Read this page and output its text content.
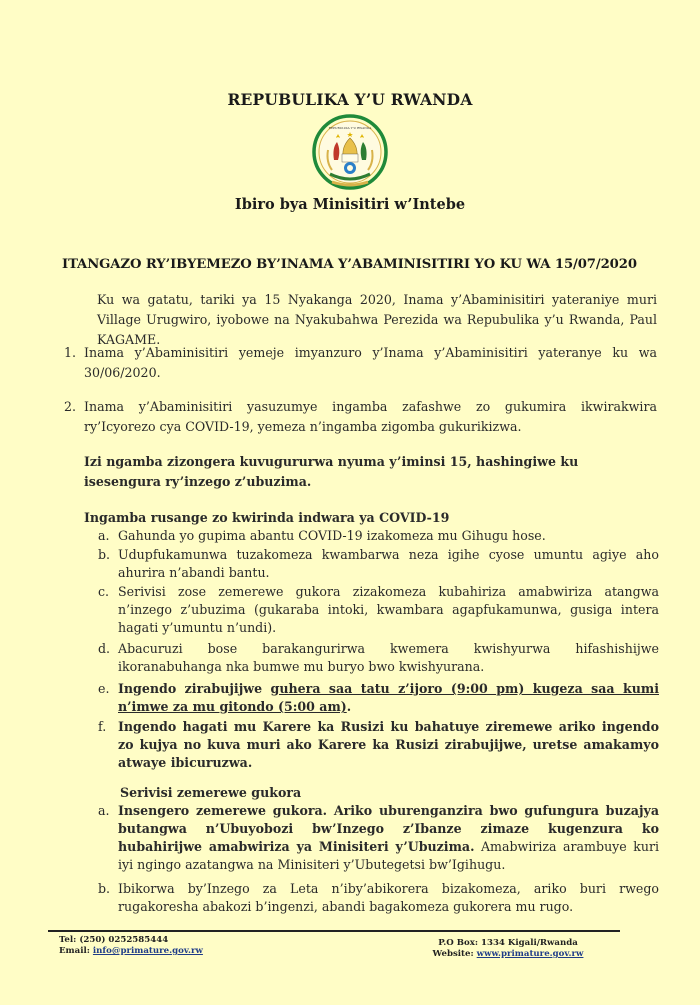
REPUBULIKA Y’U RWANDA
REPUBULIKA Y'U RWANDA
Ibiro bya Minisitiri w’Intebe
ITANGAZO RY’IBYEMEZO BY’INAMA Y’ABAMINISITIRI YO KU WA 15/07/2020
Ku wa gatatu, tariki ya 15 Nyakanga 2020, Inama y’Abaminisitiri yateraniye muri Village Urugwiro, iyobowe na Nyakubahwa Perezida wa Repubulika y’u Rwanda, Paul KAGAME.
1. Inama y’Abaminisitiri yemeje imyanzuro y’Inama y’Abaminisitiri yateranye ku wa 30/06/2020.
2. Inama y’Abaminisitiri yasuzumye ingamba zafashwe zo gukumira ikwirakwira ry’Icyorezo cya COVID-19, yemeza n’ingamba zigomba gukurikizwa.
Izi ngamba zizongera kuvugururwa nyuma y’iminsi 15, hashingiwe ku isesengura ry’inzego z’ubuzima.
Ingamba rusange zo kwirinda indwara ya COVID-19
a. Gahunda yo gupima abantu COVID-19 izakomeza mu Gihugu hose.
b. Udupfukamunwa tuzakomeza kwambarwa neza igihe cyose umuntu agiye aho ahurira n’abandi bantu.
c. Serivisi zose zemerewe gukora zizakomeza kubahiriza amabwiriza atangwa n’inzego z’ubuzima (gukaraba intoki, kwambara agapfukamunwa, gusiga intera hagati y’umuntu n’undi).
d. Abacuruzi bose barakangurirwa kwemera kwishyurwa hifashishijwe ikoranabuhanga nka bumwe mu buryo bwo kwishyurana.
e. Ingendo zirabujijwe guhera saa tatu z’ijoro (9:00 pm) kugeza saa kumi n’imwe za mu gitondo (5:00 am).
f. Ingendo hagati mu Karere ka Rusizi ku bahatuye ziremewe ariko ingendo zo kujya no kuva muri ako Karere ka Rusizi zirabujijwe, uretse amakamyo atwaye ibicuruzwa.
Serivisi zemerewe gukora
a. Insengero zemerewe gukora. Ariko uburenganzira bwo gufungura buzajya butangwa n’Ubuyobozi bw’Inzego z’Ibanze zimaze kugenzura ko hubahirijwe amabwiriza ya Minisiteri y’Ubuzima. Amabwiriza arambuye kuri iyi ngingo azatangwa na Minisiteri y’Ubutegetsi bw’Igihugu.
b. Ibikorwa by’Inzego za Leta n’iby’abikorera bizakomeza, ariko buri rwego rugakoresha abakozi b’ingenzi, abandi bagakomeza gukorera mu rugo.
Tel: (250) 0252585444
Email: info@primature.gov.rw
P.O Box: 1334 Kigali/Rwanda
Website: www.primature.gov.rw
